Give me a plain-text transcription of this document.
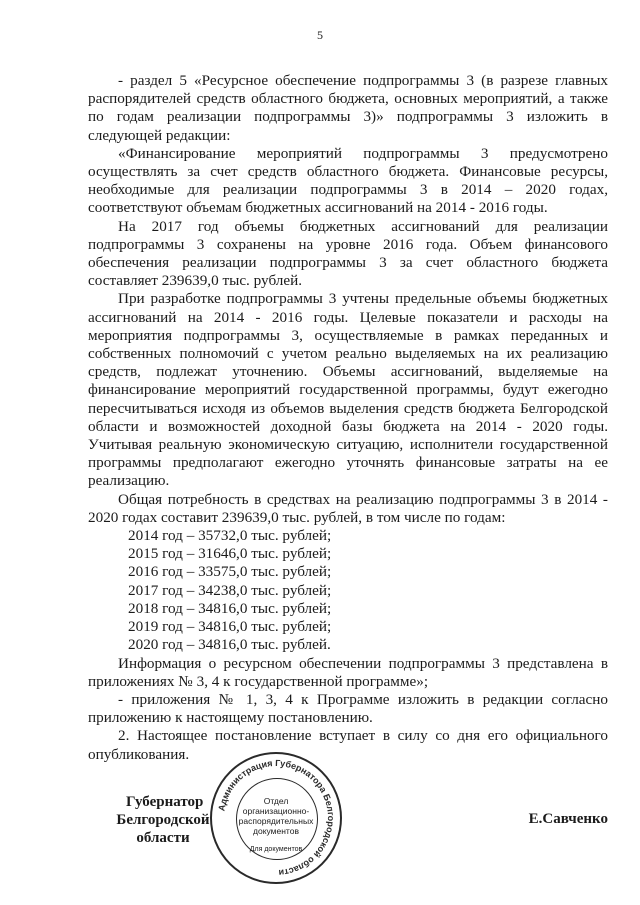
5

- раздел 5 «Ресурсное обеспечение подпрограммы 3 (в разрезе главных распорядителей средств областного бюджета, основных мероприятий, а также по годам реализации подпрограммы 3)» подпрограммы 3 изложить в следующей редакции:

«Финансирование мероприятий подпрограммы 3 предусмотрено осуществлять за счет средств областного бюджета. Финансовые ресурсы, необходимые для реализации подпрограммы 3 в 2014 – 2020 годах, соответствуют объемам бюджетных ассигнований на 2014 - 2016 годы.

На 2017 год объемы бюджетных ассигнований для реализации подпрограммы 3 сохранены на уровне 2016 года. Объем финансового обеспечения реализации подпрограммы 3 за счет областного бюджета составляет 239639,0 тыс. рублей.

При разработке подпрограммы 3 учтены предельные объемы бюджетных ассигнований на 2014 - 2016 годы. Целевые показатели и расходы на мероприятия подпрограммы 3, осуществляемые в рамках переданных и собственных полномочий с учетом реально выделяемых на их реализацию средств, подлежат уточнению. Объемы ассигнований, выделяемые на финансирование мероприятий государственной программы, будут ежегодно пересчитываться исходя из объемов выделения средств бюджета Белгородской области и возможностей доходной базы бюджета на 2014 - 2020 годы. Учитывая реальную экономическую ситуацию, исполнители государственной программы предполагают ежегодно уточнять финансовые затраты на ее реализацию.

Общая потребность в средствах на реализацию подпрограммы 3 в 2014 - 2020 годах составит 239639,0 тыс. рублей, в том числе по годам:

2014 год – 35732,0 тыс. рублей;
2015 год – 31646,0 тыс. рублей;
2016 год – 33575,0 тыс. рублей;
2017 год – 34238,0 тыс. рублей;
2018 год – 34816,0 тыс. рублей;
2019 год – 34816,0 тыс. рублей;
2020 год – 34816,0 тыс. рублей.

Информация о ресурсном обеспечении подпрограммы 3 представлена в приложениях № 3, 4 к государственной программе»;

- приложения № 1, 3, 4 к Программе изложить в редакции согласно приложению к настоящему постановлению.

2. Настоящее постановление вступает в силу со дня его официального опубликования.

Губернатор
Белгородской области
Е.Савченко
Администрация Губернатора Белгородской области
Отдел организационно-распорядительных документов
Для документов
